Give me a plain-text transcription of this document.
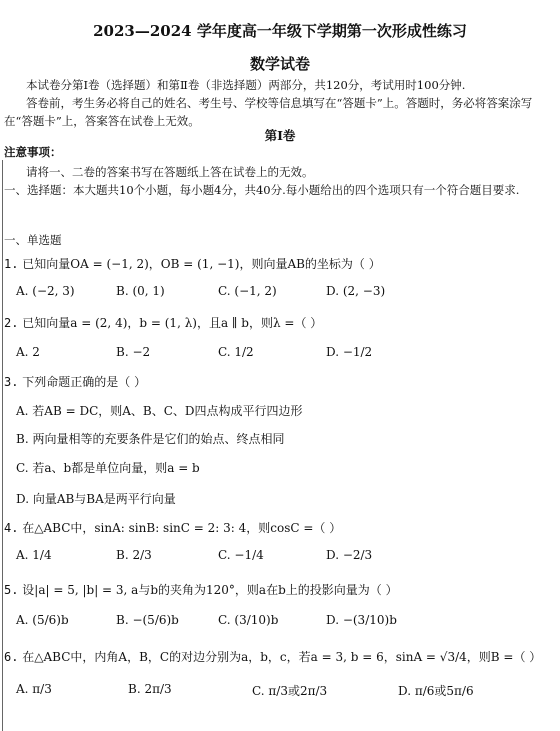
2023—2024 学年度高一年级下学期第一次形成性练习
数学试卷
本试卷分第Ⅰ卷（选择题）和第Ⅱ卷（非选择题）两部分，共120分，考试用时100分钟.
答卷前，考生务必将自己的姓名、考生号、学校等信息填写在“答题卡”上。答题时，务必将答案涂写在“答题卡”上，答案答在试卷上无效。
第Ⅰ卷
注意事项：
请将一、二卷的答案书写在答题纸上答在试卷上的无效。
一、选择题：本大题共10个小题，每小题4分，共40分.每小题给出的四个选项只有一个符合题目要求.
一、单选题
1. 已知向量OA = (−1, 2)，OB = (1, −1)，则向量AB的坐标为（ ）
A. (−2, 3)	B. (0, 1)	C. (−1, 2)	D. (2, −3)
2. 已知向量a = (2, 4)，b = (1, λ)，且a ∥ b，则λ =（ ）
A. 2	B. −2	C. 1/2	D. −1/2
3. 下列命题正确的是（ ）
A. 若AB = DC，则A、B、C、D四点构成平行四边形
B. 两向量相等的充要条件是它们的始点、终点相同
C. 若a、b都是单位向量，则a = b
D. 向量AB与BA是两平行向量
4. 在△ABC中，sinA: sinB: sinC = 2: 3: 4，则cosC =（ ）
A. 1/4	B. 2/3	C. −1/4	D. −2/3
5. 设|a| = 5, |b| = 3, a与b的夹角为120°，则a在b上的投影向量为（ ）
A. (5/6)b	B. −(5/6)b	C. (3/10)b	D. −(3/10)b
6. 在△ABC中，内角A，B，C的对边分别为a，b，c，若a = 3, b = 6，sinA = √3/4，则B =（ ）
A. π/3	B. 2π/3	C. π/3或2π/3	D. π/6或5π/6
